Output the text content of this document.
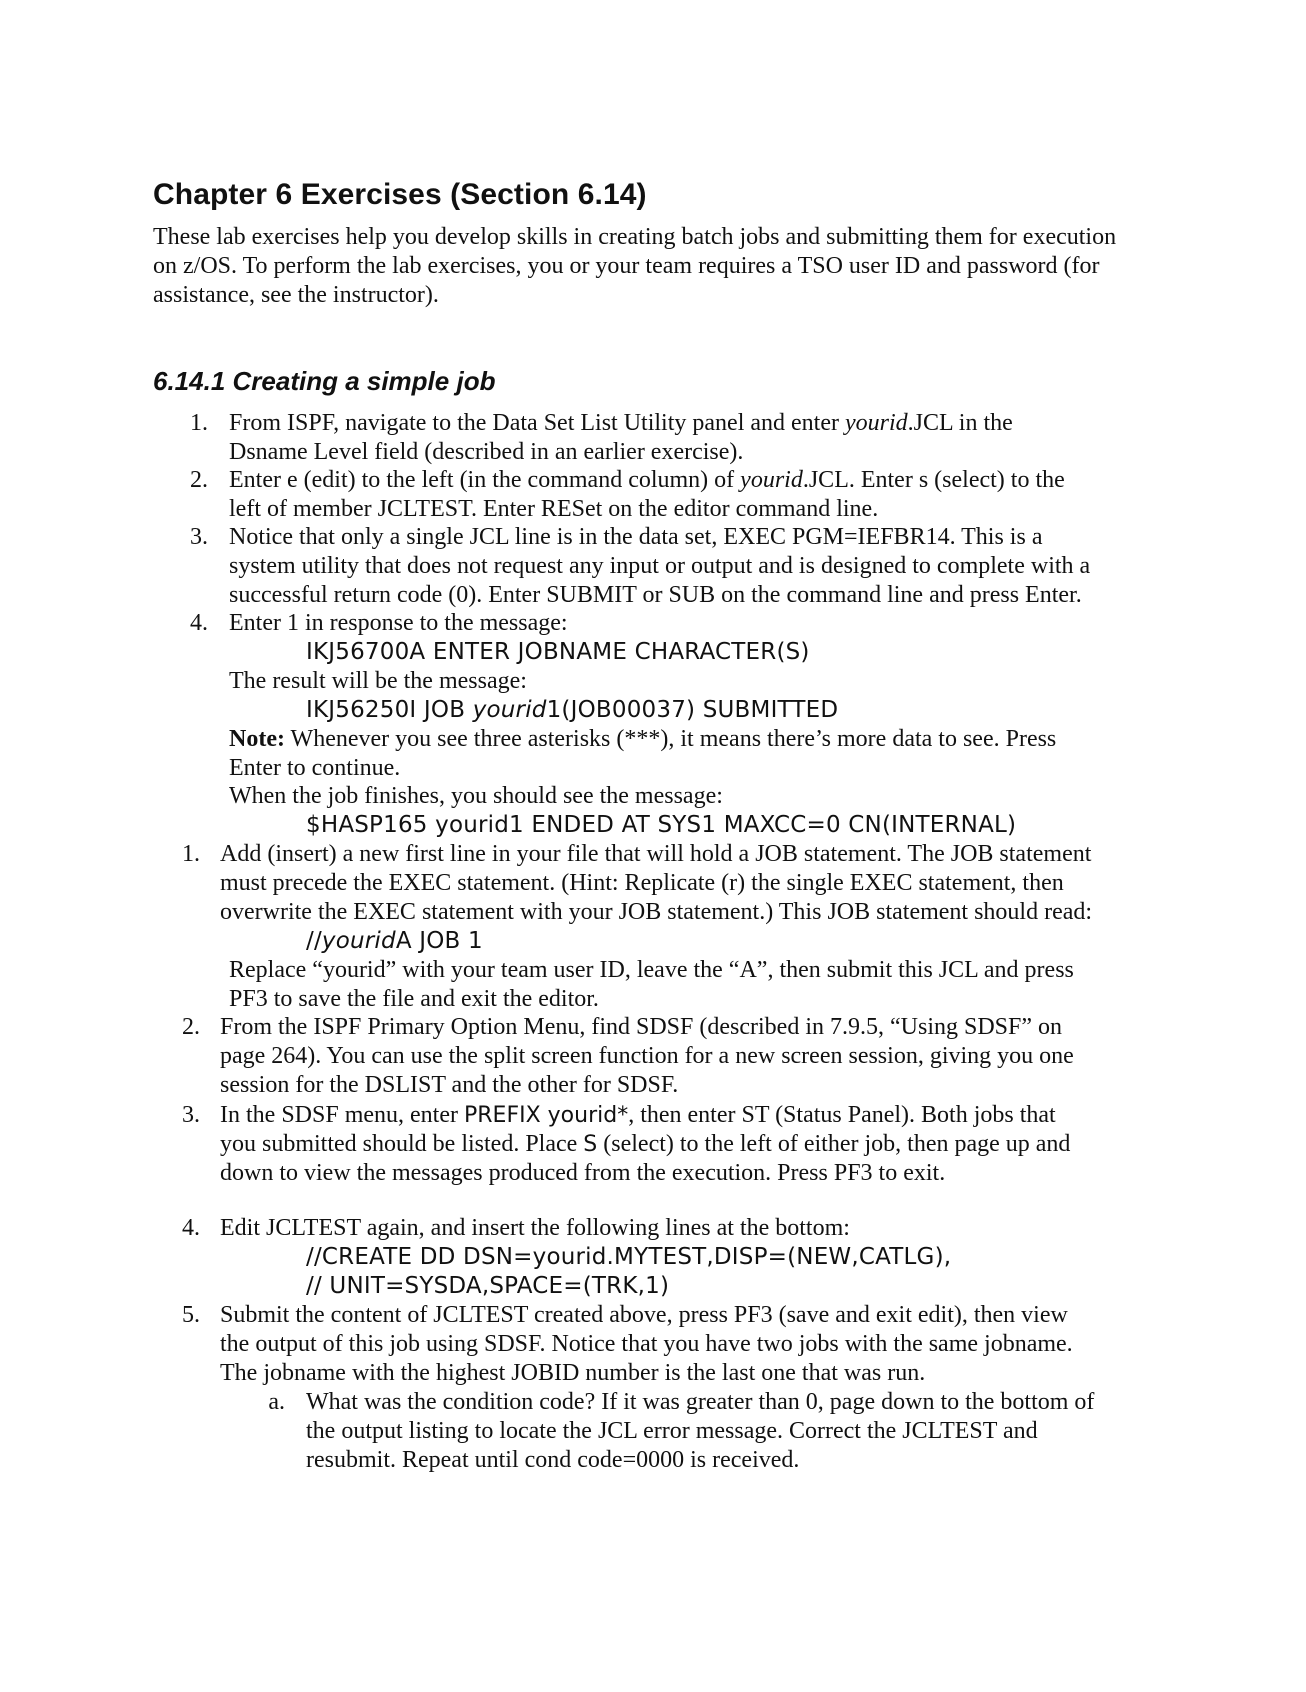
Chapter 6 Exercises (Section 6.14)

These lab exercises help you develop skills in creating batch jobs and submitting them for execution on z/OS. To perform the lab exercises, you or your team requires a TSO user ID and password (for assistance, see the instructor).

6.14.1 Creating a simple job
1. From ISPF, navigate to the Data Set List Utility panel and enter yourid.JCL in the
Dsname Level field (described in an earlier exercise).
2. Enter e (edit) to the left (in the command column) of yourid.JCL. Enter s (select) to the
left of member JCLTEST. Enter RESet on the editor command line.
3. Notice that only a single JCL line is in the data set, EXEC PGM=IEFBR14. This is a
system utility that does not request any input or output and is designed to complete with a
successful return code (0). Enter SUBMIT or SUB on the command line and press Enter.
4. Enter 1 in response to the message:
IKJ56700A ENTER JOBNAME CHARACTER(S)
The result will be the message:
IKJ56250I JOB yourid1(JOB00037) SUBMITTED
Note: Whenever you see three asterisks (***), it means there’s more data to see. Press
Enter to continue.
When the job finishes, you should see the message:
$HASP165 yourid1 ENDED AT SYS1 MAXCC=0 CN(INTERNAL)
1. Add (insert) a new first line in your file that will hold a JOB statement. The JOB statement
must precede the EXEC statement. (Hint: Replicate (r) the single EXEC statement, then
overwrite the EXEC statement with your JOB statement.) This JOB statement should read:
//youridA JOB 1
Replace “yourid” with your team user ID, leave the “A”, then submit this JCL and press
PF3 to save the file and exit the editor.
2. From the ISPF Primary Option Menu, find SDSF (described in 7.9.5, “Using SDSF” on
page 264). You can use the split screen function for a new screen session, giving you one
session for the DSLIST and the other for SDSF.
3. In the SDSF menu, enter PREFIX yourid*, then enter ST (Status Panel). Both jobs that
you submitted should be listed. Place S (select) to the left of either job, then page up and
down to view the messages produced from the execution. Press PF3 to exit.
4. Edit JCLTEST again, and insert the following lines at the bottom:
//CREATE DD DSN=yourid.MYTEST,DISP=(NEW,CATLG),
// UNIT=SYSDA,SPACE=(TRK,1)
5. Submit the content of JCLTEST created above, press PF3 (save and exit edit), then view
the output of this job using SDSF. Notice that you have two jobs with the same jobname.
The jobname with the highest JOBID number is the last one that was run.
a. What was the condition code? If it was greater than 0, page down to the bottom of
the output listing to locate the JCL error message. Correct the JCLTEST and
resubmit. Repeat until cond code=0000 is received.
